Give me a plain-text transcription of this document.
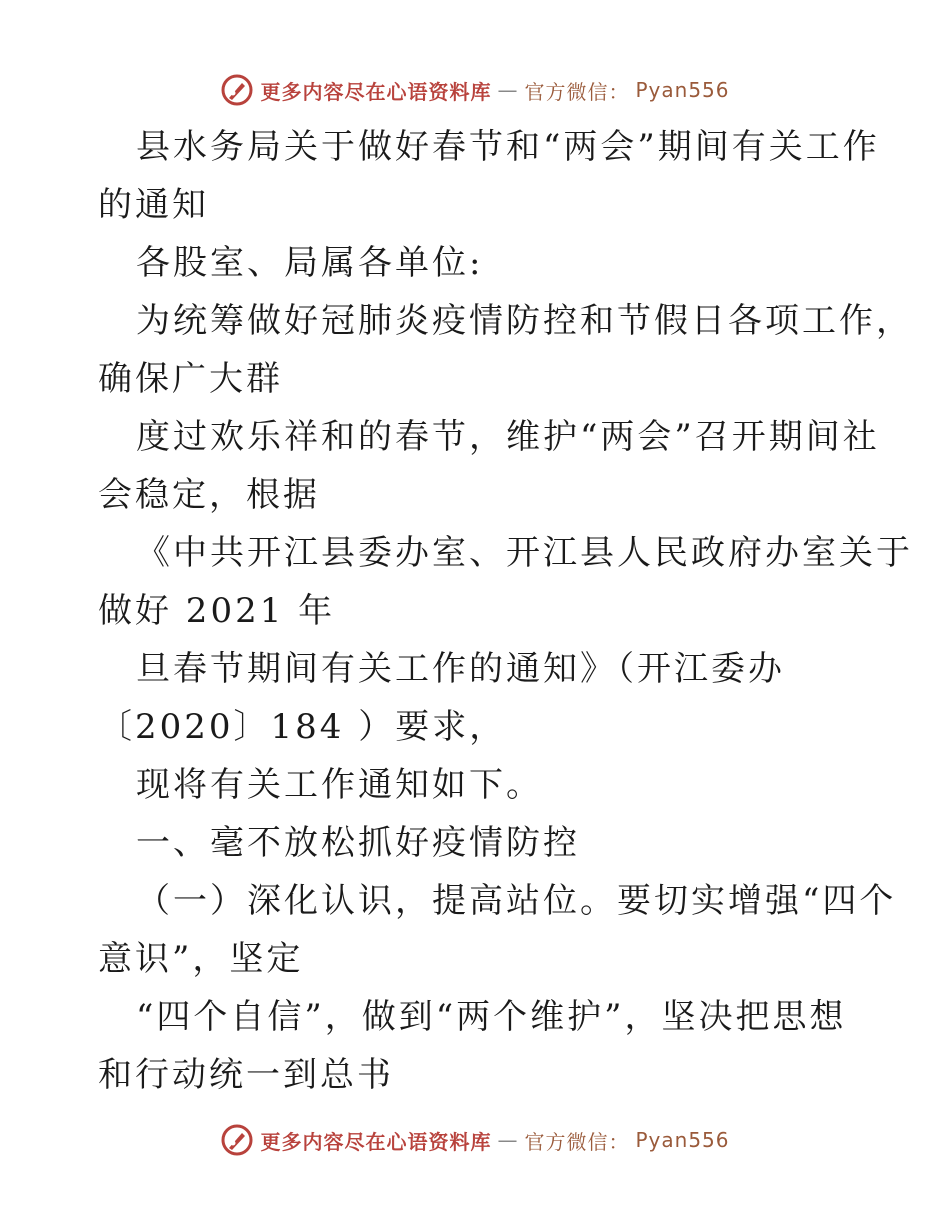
更多内容尽在心语资料库 — 官方微信： Pyan556
县水务局关于做好春节和“两会”期间有关工作
的通知
各股室、局属各单位:
为统筹做好冠肺炎疫情防控和节假日各项工作，
确保广大群
度过欢乐祥和的春节，维护“两会”召开期间社
会稳定，根据
《中共开江县委办室、开江县人民政府办室关于
做好 2021 年
旦春节期间有关工作的通知》（开江委办
〔2020〕184 ）要求，
现将有关工作通知如下。
一、毫不放松抓好疫情防控
（一）深化认识，提高站位。要切实增强“四个
意识”，坚定
“四个自信”，做到“两个维护”，坚决把思想
和行动统一到总书
更多内容尽在心语资料库 — 官方微信： Pyan556
